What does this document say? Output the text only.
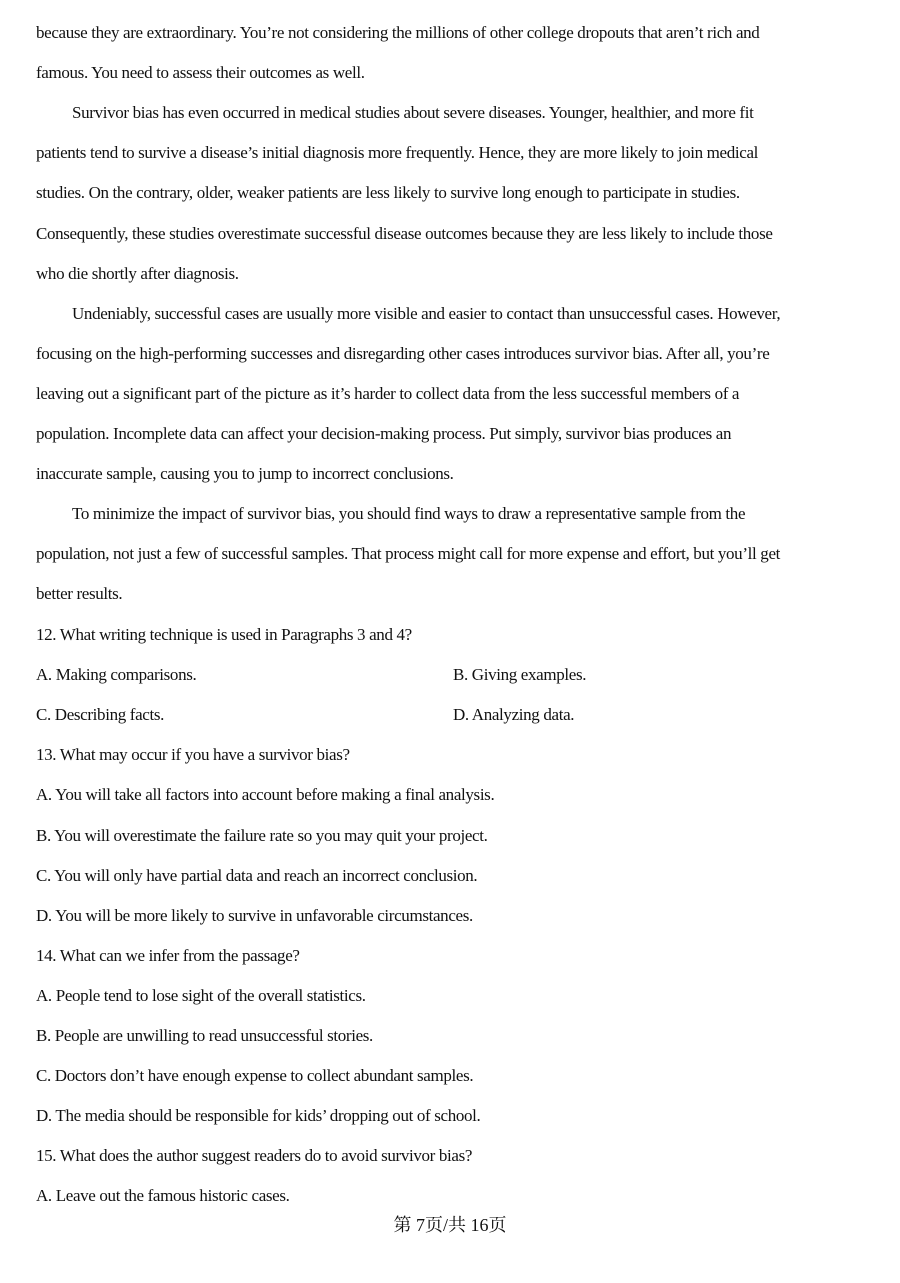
because they are extraordinary. You’re not considering the millions of other college dropouts that aren’t rich and
famous. You need to assess their outcomes as well.
Survivor bias has even occurred in medical studies about severe diseases. Younger, healthier, and more fit
patients tend to survive a disease’s initial diagnosis more frequently. Hence, they are more likely to join medical
studies. On the contrary, older, weaker patients are less likely to survive long enough to participate in studies.
Consequently, these studies overestimate successful disease outcomes because they are less likely to include those
who die shortly after diagnosis.
Undeniably, successful cases are usually more visible and easier to contact than unsuccessful cases. However,
focusing on the high-performing successes and disregarding other cases introduces survivor bias. After all, you’re
leaving out a significant part of the picture as it’s harder to collect data from the less successful members of a
population. Incomplete data can affect your decision-making process. Put simply, survivor bias produces an
inaccurate sample, causing you to jump to incorrect conclusions.
To minimize the impact of survivor bias, you should find ways to draw a representative sample from the
population, not just a few of successful samples. That process might call for more expense and effort, but you’ll get
better results.
12. What writing technique is used in Paragraphs 3 and 4?
A. Making comparisons.	B. Giving examples.
C. Describing facts.	D. Analyzing data.
13. What may occur if you have a survivor bias?
A. You will take all factors into account before making a final analysis.
B. You will overestimate the failure rate so you may quit your project.
C. You will only have partial data and reach an incorrect conclusion.
D. You will be more likely to survive in unfavorable circumstances.
14. What can we infer from the passage?
A. People tend to lose sight of the overall statistics.
B. People are unwilling to read unsuccessful stories.
C. Doctors don’t have enough expense to collect abundant samples.
D. The media should be responsible for kids’ dropping out of school.
15. What does the author suggest readers do to avoid survivor bias?
A. Leave out the famous historic cases.
第 7页/共 16页
